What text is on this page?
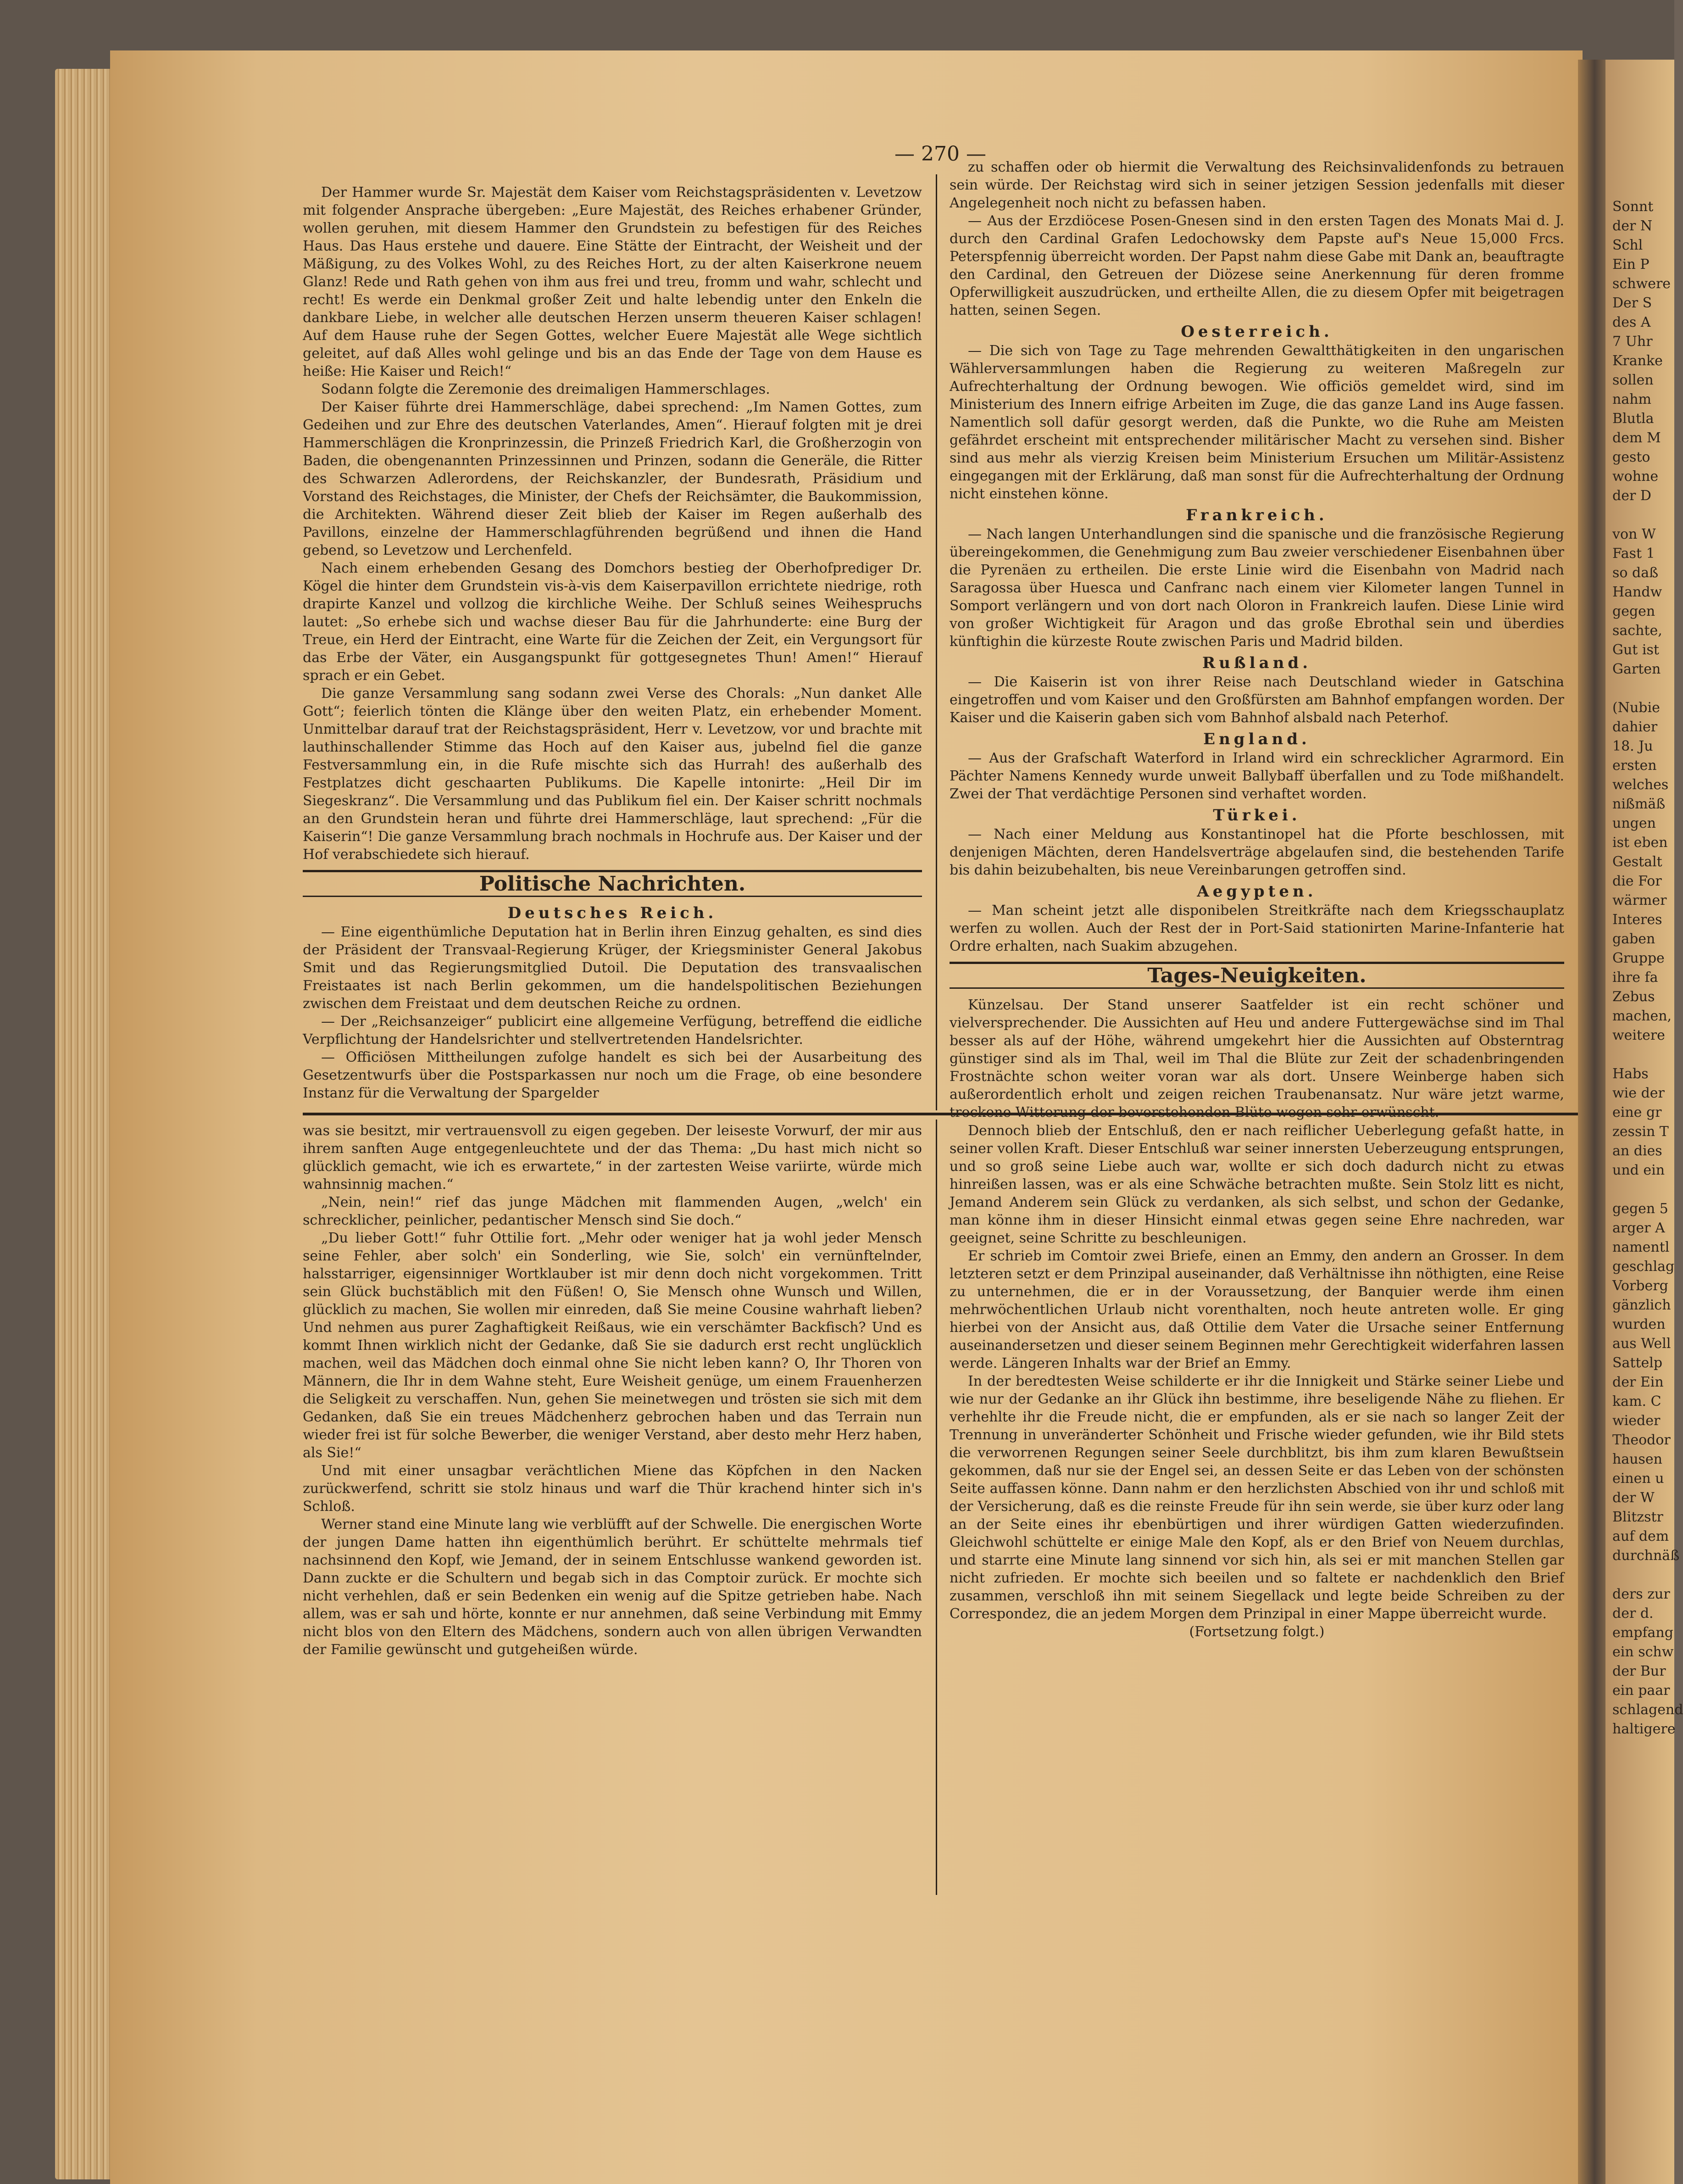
— 270 —

Der Hammer wurde Sr. Majestät dem Kaiser vom Reichstagspräsidenten v. Levetzow mit folgender Ansprache übergeben: „Eure Majestät, des Reiches erhabener Gründer, wollen geruhen, mit diesem Hammer den Grundstein zu befestigen für des Reiches Haus. Das Haus erstehe und dauere. Eine Stätte der Eintracht, der Weisheit und der Mäßigung, zu des Volkes Wohl, zu des Reiches Hort, zu der alten Kaiserkrone neuem Glanz! Rede und Rath gehen von ihm aus frei und treu, fromm und wahr, schlecht und recht! Es werde ein Denkmal großer Zeit und halte lebendig unter den Enkeln die dankbare Liebe, in welcher alle deutschen Herzen unserm theueren Kaiser schlagen! Auf dem Hause ruhe der Segen Gottes, welcher Euere Majestät alle Wege sichtlich geleitet, auf daß Alles wohl gelinge und bis an das Ende der Tage von dem Hause es heiße: Hie Kaiser und Reich!“

Sodann folgte die Zeremonie des dreimaligen Hammerschlages.

Der Kaiser führte drei Hammerschläge, dabei sprechend: „Im Namen Gottes, zum Gedeihen und zur Ehre des deutschen Vaterlandes, Amen“. Hierauf folgten mit je drei Hammerschlägen die Kronprinzessin, die Prinzeß Friedrich Karl, die Großherzogin von Baden, die obengenannten Prinzessinnen und Prinzen, sodann die Generäle, die Ritter des Schwarzen Adlerordens, der Reichskanzler, der Bundesrath, Präsidium und Vorstand des Reichstages, die Minister, der Chefs der Reichsämter, die Baukommission, die Architekten. Während dieser Zeit blieb der Kaiser im Regen außerhalb des Pavillons, einzelne der Hammerschlagführenden begrüßend und ihnen die Hand gebend, so Levetzow und Lerchenfeld.

Nach einem erhebenden Gesang des Domchors bestieg der Oberhofprediger Dr. Kögel die hinter dem Grundstein vis-à-vis dem Kaiserpavillon errichtete niedrige, roth drapirte Kanzel und vollzog die kirchliche Weihe. Der Schluß seines Weihespruchs lautet: „So erhebe sich und wachse dieser Bau für die Jahrhunderte: eine Burg der Treue, ein Herd der Eintracht, eine Warte für die Zeichen der Zeit, ein Vergungsort für das Erbe der Väter, ein Ausgangspunkt für gottgesegnetes Thun! Amen!“ Hierauf sprach er ein Gebet.

Die ganze Versammlung sang sodann zwei Verse des Chorals: „Nun danket Alle Gott“; feierlich tönten die Klänge über den weiten Platz, ein erhebender Moment. Unmittelbar darauf trat der Reichstagspräsident, Herr v. Levetzow, vor und brachte mit lauthinschallender Stimme das Hoch auf den Kaiser aus, jubelnd fiel die ganze Festversammlung ein, in die Rufe mischte sich das Hurrah! des außerhalb des Festplatzes dicht geschaarten Publikums. Die Kapelle intonirte: „Heil Dir im Siegeskranz“. Die Versammlung und das Publikum fiel ein. Der Kaiser schritt nochmals an den Grundstein heran und führte drei Hammerschläge, laut sprechend: „Für die Kaiserin“! Die ganze Versammlung brach nochmals in Hochrufe aus. Der Kaiser und der Hof verabschiedete sich hierauf.

Politische Nachrichten.
Deutsches Reich.

— Eine eigenthümliche Deputation hat in Berlin ihren Einzug gehalten, es sind dies der Präsident der Transvaal-Regierung Krüger, der Kriegsminister General Jakobus Smit und das Regierungsmitglied Dutoil. Die Deputation des transvaalischen Freistaates ist nach Berlin gekommen, um die handelspolitischen Beziehungen zwischen dem Freistaat und dem deutschen Reiche zu ordnen.

— Der „Reichsanzeiger“ publicirt eine allgemeine Verfügung, betreffend die eidliche Verpflichtung der Handelsrichter und stellvertretenden Handelsrichter.

— Officiösen Mittheilungen zufolge handelt es sich bei der Ausarbeitung des Gesetzentwurfs über die Postsparkassen nur noch um die Frage, ob eine besondere Instanz für die Verwaltung der Spargelder

zu schaffen oder ob hiermit die Verwaltung des Reichsinvalidenfonds zu betrauen sein würde. Der Reichstag wird sich in seiner jetzigen Session jedenfalls mit dieser Angelegenheit noch nicht zu befassen haben.

— Aus der Erzdiöcese Posen-Gnesen sind in den ersten Tagen des Monats Mai d. J. durch den Cardinal Grafen Ledochowsky dem Papste auf's Neue 15,000 Frcs. Peterspfennig überreicht worden. Der Papst nahm diese Gabe mit Dank an, beauftragte den Cardinal, den Getreuen der Diözese seine Anerkennung für deren fromme Opferwilligkeit auszudrücken, und ertheilte Allen, die zu diesem Opfer mit beigetragen hatten, seinen Segen.

Oesterreich.

— Die sich von Tage zu Tage mehrenden Gewaltthätigkeiten in den ungarischen Wählerversammlungen haben die Regierung zu weiteren Maßregeln zur Aufrechterhaltung der Ordnung bewogen. Wie officiös gemeldet wird, sind im Ministerium des Innern eifrige Arbeiten im Zuge, die das ganze Land ins Auge fassen. Namentlich soll dafür gesorgt werden, daß die Punkte, wo die Ruhe am Meisten gefährdet erscheint mit entsprechender militärischer Macht zu versehen sind. Bisher sind aus mehr als vierzig Kreisen beim Ministerium Ersuchen um Militär-Assistenz eingegangen mit der Erklärung, daß man sonst für die Aufrechterhaltung der Ordnung nicht einstehen könne.

Frankreich.

— Nach langen Unterhandlungen sind die spanische und die französische Regierung übereingekommen, die Genehmigung zum Bau zweier verschiedener Eisenbahnen über die Pyrenäen zu ertheilen. Die erste Linie wird die Eisenbahn von Madrid nach Saragossa über Huesca und Canfranc nach einem vier Kilometer langen Tunnel in Somport verlängern und von dort nach Oloron in Frankreich laufen. Diese Linie wird von großer Wichtigkeit für Aragon und das große Ebrothal sein und überdies künftighin die kürzeste Route zwischen Paris und Madrid bilden.

Rußland.

— Die Kaiserin ist von ihrer Reise nach Deutschland wieder in Gatschina eingetroffen und vom Kaiser und den Großfürsten am Bahnhof empfangen worden. Der Kaiser und die Kaiserin gaben sich vom Bahnhof alsbald nach Peterhof.

England.

— Aus der Grafschaft Waterford in Irland wird ein schrecklicher Agrarmord. Ein Pächter Namens Kennedy wurde unweit Ballybaff überfallen und zu Tode mißhandelt. Zwei der That verdächtige Personen sind verhaftet worden.

Türkei.

— Nach einer Meldung aus Konstantinopel hat die Pforte beschlossen, mit denjenigen Mächten, deren Handelsverträge abgelaufen sind, die bestehenden Tarife bis dahin beizubehalten, bis neue Vereinbarungen getroffen sind.

Aegypten.

— Man scheint jetzt alle disponibelen Streitkräfte nach dem Kriegsschauplatz werfen zu wollen. Auch der Rest der in Port-Said stationirten Marine-Infanterie hat Ordre erhalten, nach Suakim abzugehen.

Tages-Neuigkeiten.

Künzelsau. Der Stand unserer Saatfelder ist ein recht schöner und vielversprechender. Die Aussichten auf Heu und andere Futtergewächse sind im Thal besser als auf der Höhe, während umgekehrt hier die Aussichten auf Obsterntrag günstiger sind als im Thal, weil im Thal die Blüte zur Zeit der schadenbringenden Frostnächte schon weiter voran war als dort. Unsere Weinberge haben sich außerordentlich erholt und zeigen reichen Traubenansatz. Nur wäre jetzt warme, trockene Witterung der bevorstehenden Blüte wegen sehr erwünscht.

was sie besitzt, mir vertrauensvoll zu eigen gegeben. Der leiseste Vorwurf, der mir aus ihrem sanften Auge entgegenleuchtete und der das Thema: „Du hast mich nicht so glücklich gemacht, wie ich es erwartete,“ in der zartesten Weise variirte, würde mich wahnsinnig machen.“

„Nein, nein!“ rief das junge Mädchen mit flammenden Augen, „welch' ein schrecklicher, peinlicher, pedantischer Mensch sind Sie doch.“

„Du lieber Gott!“ fuhr Ottilie fort. „Mehr oder weniger hat ja wohl jeder Mensch seine Fehler, aber solch' ein Sonderling, wie Sie, solch' ein vernünftelnder, halsstarriger, eigensinniger Wortklauber ist mir denn doch nicht vorgekommen. Tritt sein Glück buchstäblich mit den Füßen! O, Sie Mensch ohne Wunsch und Willen, glücklich zu machen, Sie wollen mir einreden, daß Sie meine Cousine wahrhaft lieben? Und nehmen aus purer Zaghaftigkeit Reißaus, wie ein verschämter Backfisch? Und es kommt Ihnen wirklich nicht der Gedanke, daß Sie sie dadurch erst recht unglücklich machen, weil das Mädchen doch einmal ohne Sie nicht leben kann? O, Ihr Thoren von Männern, die Ihr in dem Wahne steht, Eure Weisheit genüge, um einem Frauenherzen die Seligkeit zu verschaffen. Nun, gehen Sie meinetwegen und trösten sie sich mit dem Gedanken, daß Sie ein treues Mädchenherz gebrochen haben und das Terrain nun wieder frei ist für solche Bewerber, die weniger Verstand, aber desto mehr Herz haben, als Sie!“

Und mit einer unsagbar verächtlichen Miene das Köpfchen in den Nacken zurückwerfend, schritt sie stolz hinaus und warf die Thür krachend hinter sich in's Schloß.

Werner stand eine Minute lang wie verblüfft auf der Schwelle. Die energischen Worte der jungen Dame hatten ihn eigenthümlich berührt. Er schüttelte mehrmals tief nachsinnend den Kopf, wie Jemand, der in seinem Entschlusse wankend geworden ist. Dann zuckte er die Schultern und begab sich in das Comptoir zurück. Er mochte sich nicht verhehlen, daß er sein Bedenken ein wenig auf die Spitze getrieben habe. Nach allem, was er sah und hörte, konnte er nur annehmen, daß seine Verbindung mit Emmy nicht blos von den Eltern des Mädchens, sondern auch von allen übrigen Verwandten der Familie gewünscht und gutgeheißen würde.

Dennoch blieb der Entschluß, den er nach reiflicher Ueberlegung gefaßt hatte, in seiner vollen Kraft. Dieser Entschluß war seiner innersten Ueberzeugung entsprungen, und so groß seine Liebe auch war, wollte er sich doch dadurch nicht zu etwas hinreißen lassen, was er als eine Schwäche betrachten mußte. Sein Stolz litt es nicht, Jemand Anderem sein Glück zu verdanken, als sich selbst, und schon der Gedanke, man könne ihm in dieser Hinsicht einmal etwas gegen seine Ehre nachreden, war geeignet, seine Schritte zu beschleunigen.

Er schrieb im Comtoir zwei Briefe, einen an Emmy, den andern an Grosser. In dem letzteren setzt er dem Prinzipal auseinander, daß Verhältnisse ihn nöthigten, eine Reise zu unternehmen, die er in der Voraussetzung, der Banquier werde ihm einen mehrwöchentlichen Urlaub nicht vorenthalten, noch heute antreten wolle. Er ging hierbei von der Ansicht aus, daß Ottilie dem Vater die Ursache seiner Entfernung auseinandersetzen und dieser seinem Beginnen mehr Gerechtigkeit widerfahren lassen werde. Längeren Inhalts war der Brief an Emmy.

In der beredtesten Weise schilderte er ihr die Innigkeit und Stärke seiner Liebe und wie nur der Gedanke an ihr Glück ihn bestimme, ihre beseligende Nähe zu fliehen. Er verhehlte ihr die Freude nicht, die er empfunden, als er sie nach so langer Zeit der Trennung in unveränderter Schönheit und Frische wieder gefunden, wie ihr Bild stets die verworrenen Regungen seiner Seele durchblitzt, bis ihm zum klaren Bewußtsein gekommen, daß nur sie der Engel sei, an dessen Seite er das Leben von der schönsten Seite auffassen könne. Dann nahm er den herzlichsten Abschied von ihr und schloß mit der Versicherung, daß es die reinste Freude für ihn sein werde, sie über kurz oder lang an der Seite eines ihr ebenbürtigen und ihrer würdigen Gatten wiederzufinden. Gleichwohl schüttelte er einige Male den Kopf, als er den Brief von Neuem durchlas, und starrte eine Minute lang sinnend vor sich hin, als sei er mit manchen Stellen gar nicht zufrieden. Er mochte sich beeilen und so faltete er nachdenklich den Brief zusammen, verschloß ihn mit seinem Siegellack und legte beide Schreiben zu der Correspondez, die an jedem Morgen dem Prinzipal in einer Mappe überreicht wurde.

(Fortsetzung folgt.)

Sonnt
der N
Schl
Ein P
schwere
Der S
des A
7 Uhr
Kranke
sollen
nahm
Blutla
dem M
gesto
wohne
der D

von W
Fast 1
so daß
Handw
gegen
sachte,
Gut ist
Garten

(Nubie
dahier
18. Ju
ersten
welches
nißmäß
ungen
ist eben
Gestalt
die For
wärmer
Interes
gaben
Gruppe
ihre fa
Zebus
machen,
weitere

Habs
wie der
eine gr
zessin T
an dies
und ein

gegen 5
arger A
namentl
geschlag
Vorberg
gänzlich
wurden
aus Well
Sattelp
der Ein
kam. C
wieder
Theodor
hausen
einen u
der W
Blitzstr
auf dem
durchnäß

ders zur
der d.
empfang
ein schw
der Bur
ein paar
schlagend
haltigere
